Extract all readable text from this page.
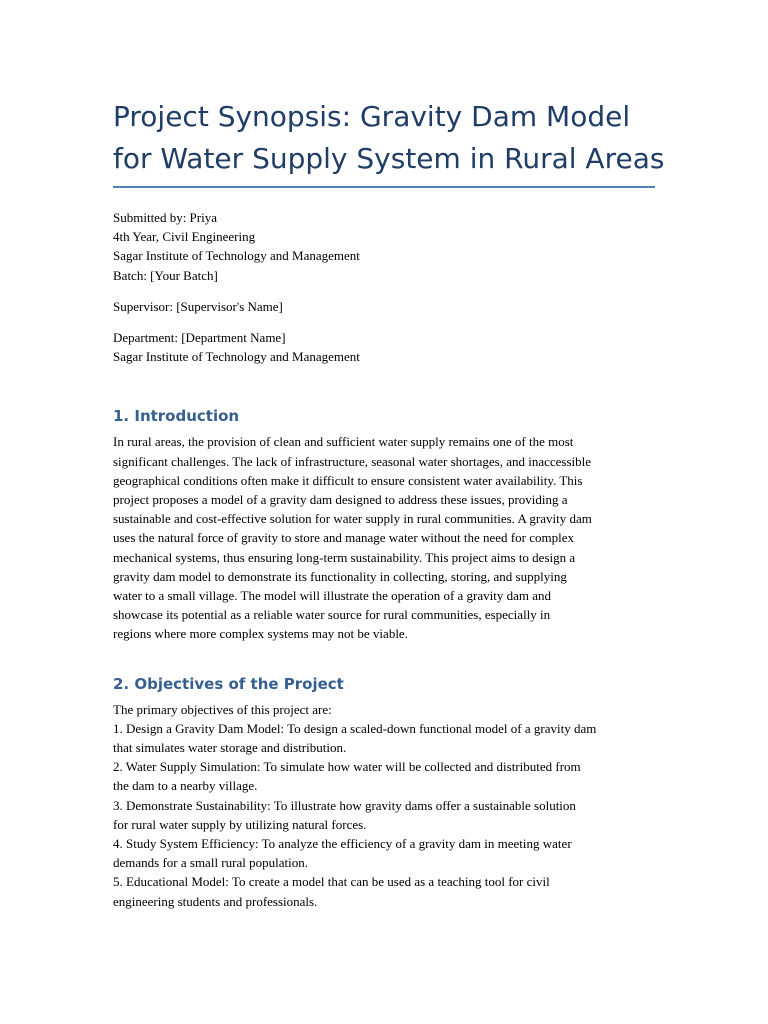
Project Synopsis: Gravity Dam Model
for Water Supply System in Rural Areas
Submitted by: Priya
4th Year, Civil Engineering
Sagar Institute of Technology and Management
Batch: [Your Batch]
Supervisor: [Supervisor's Name]
Department: [Department Name]
Sagar Institute of Technology and Management
1. Introduction
In rural areas, the provision of clean and sufficient water supply remains one of the most
significant challenges. The lack of infrastructure, seasonal water shortages, and inaccessible
geographical conditions often make it difficult to ensure consistent water availability. This
project proposes a model of a gravity dam designed to address these issues, providing a
sustainable and cost-effective solution for water supply in rural communities. A gravity dam
uses the natural force of gravity to store and manage water without the need for complex
mechanical systems, thus ensuring long-term sustainability. This project aims to design a
gravity dam model to demonstrate its functionality in collecting, storing, and supplying
water to a small village. The model will illustrate the operation of a gravity dam and
showcase its potential as a reliable water source for rural communities, especially in
regions where more complex systems may not be viable.
2. Objectives of the Project
The primary objectives of this project are:
1. Design a Gravity Dam Model: To design a scaled-down functional model of a gravity dam
that simulates water storage and distribution.
2. Water Supply Simulation: To simulate how water will be collected and distributed from
the dam to a nearby village.
3. Demonstrate Sustainability: To illustrate how gravity dams offer a sustainable solution
for rural water supply by utilizing natural forces.
4. Study System Efficiency: To analyze the efficiency of a gravity dam in meeting water
demands for a small rural population.
5. Educational Model: To create a model that can be used as a teaching tool for civil
engineering students and professionals.
